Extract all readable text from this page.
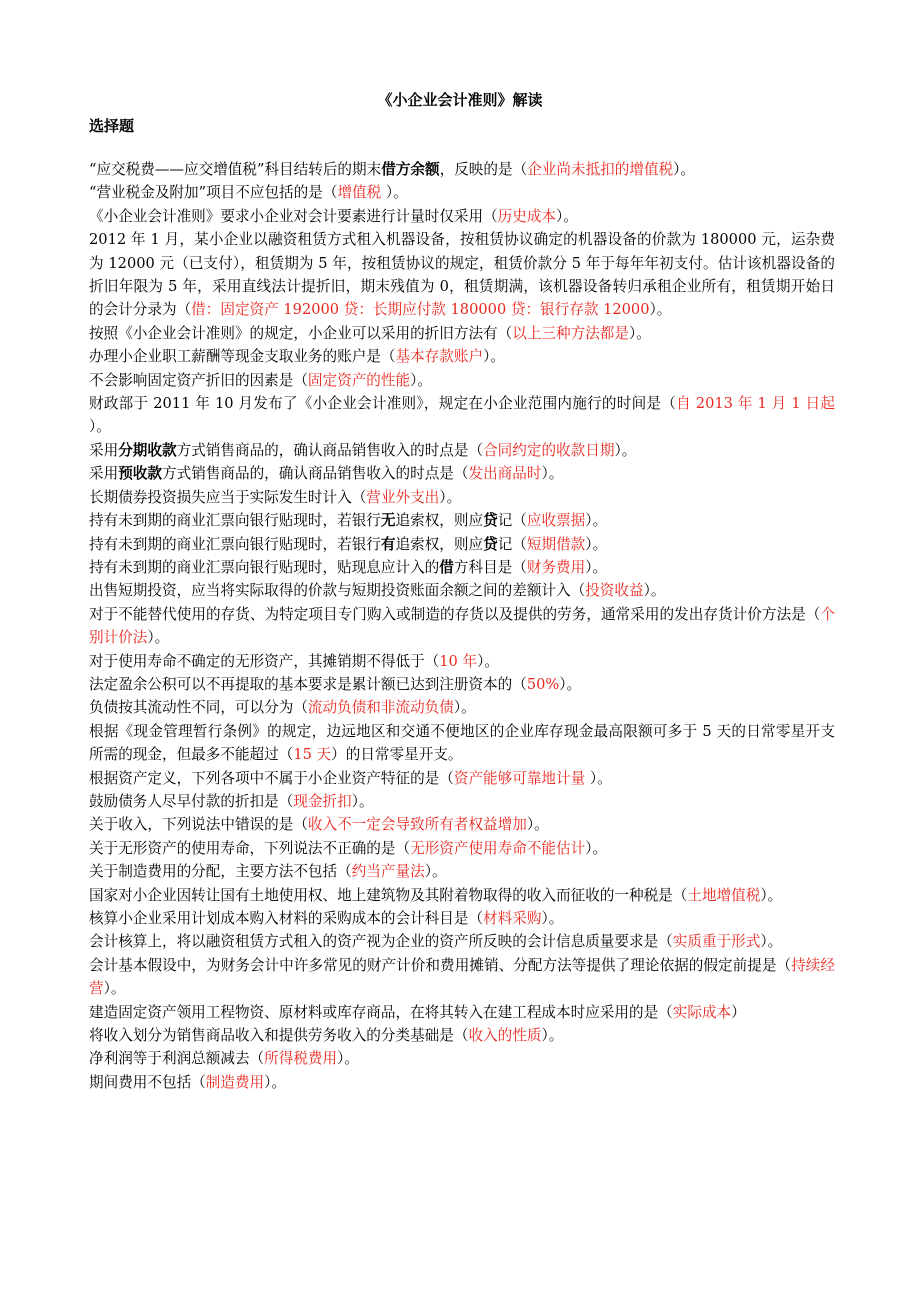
《小企业会计准则》解读
选择题

“应交税费——应交增值税”科目结转后的期末借方余额，反映的是（企业尚未抵扣的增值税）。

“营业税金及附加”项目不应包括的是（增值税 ）。

《小企业会计准则》要求小企业对会计要素进行计量时仅采用（历史成本）。

2012 年 1 月，某小企业以融资租赁方式租入机器设备，按租赁协议确定的机器设备的价款为 180000 元，运杂费为 12000 元（已支付），租赁期为 5 年，按租赁协议的规定，租赁价款分 5 年于每年年初支付。估计该机器设备的折旧年限为 5 年，采用直线法计提折旧，期末残值为 0，租赁期满，该机器设备转归承租企业所有，租赁期开始日的会计分录为（借：固定资产 192000 贷：长期应付款 180000 贷：银行存款 12000）。

按照《小企业会计准则》的规定，小企业可以采用的折旧方法有（以上三种方法都是）。

办理小企业职工薪酬等现金支取业务的账户是（基本存款账户）。

不会影响固定资产折旧的因素是（固定资产的性能）。

财政部于 2011 年 10 月发布了《小企业会计准则》，规定在小企业范围内施行的时间是（自 2013 年 1 月 1 日起 ）。

采用分期收款方式销售商品的，确认商品销售收入的时点是（合同约定的收款日期）。

采用预收款方式销售商品的，确认商品销售收入的时点是（发出商品时）。

长期债券投资损失应当于实际发生时计入（营业外支出）。

持有未到期的商业汇票向银行贴现时，若银行无追索权，则应贷记（应收票据）。

持有未到期的商业汇票向银行贴现时，若银行有追索权，则应贷记（短期借款）。

持有未到期的商业汇票向银行贴现时，贴现息应计入的借方科目是（财务费用）。

出售短期投资，应当将实际取得的价款与短期投资账面余额之间的差额计入（投资收益）。

对于不能替代使用的存货、为特定项目专门购入或制造的存货以及提供的劳务，通常采用的发出存货计价方法是（个别计价法）。

对于使用寿命不确定的无形资产，其摊销期不得低于（10 年）。

法定盈余公积可以不再提取的基本要求是累计额已达到注册资本的（50%）。

负债按其流动性不同，可以分为（流动负债和非流动负债）。

根据《现金管理暂行条例》的规定，边远地区和交通不便地区的企业库存现金最高限额可多于 5 天的日常零星开支所需的现金，但最多不能超过（15 天）的日常零星开支。

根据资产定义，下列各项中不属于小企业资产特征的是（资产能够可靠地计量 ）。

鼓励债务人尽早付款的折扣是（现金折扣）。

关于收入，下列说法中错误的是（收入不一定会导致所有者权益增加）。

关于无形资产的使用寿命，下列说法不正确的是（无形资产使用寿命不能估计）。

关于制造费用的分配，主要方法不包括（约当产量法）。

国家对小企业因转让国有土地使用权、地上建筑物及其附着物取得的收入而征收的一种税是（土地增值税）。

核算小企业采用计划成本购入材料的采购成本的会计科目是（材料采购）。

会计核算上，将以融资租赁方式租入的资产视为企业的资产所反映的会计信息质量要求是（实质重于形式）。

会计基本假设中，为财务会计中许多常见的财产计价和费用摊销、分配方法等提供了理论依据的假定前提是（持续经营）。

建造固定资产领用工程物资、原材料或库存商品，在将其转入在建工程成本时应采用的是（实际成本）

将收入划分为销售商品收入和提供劳务收入的分类基础是（收入的性质）。

净利润等于利润总额减去（所得税费用）。

期间费用不包括（制造费用）。
